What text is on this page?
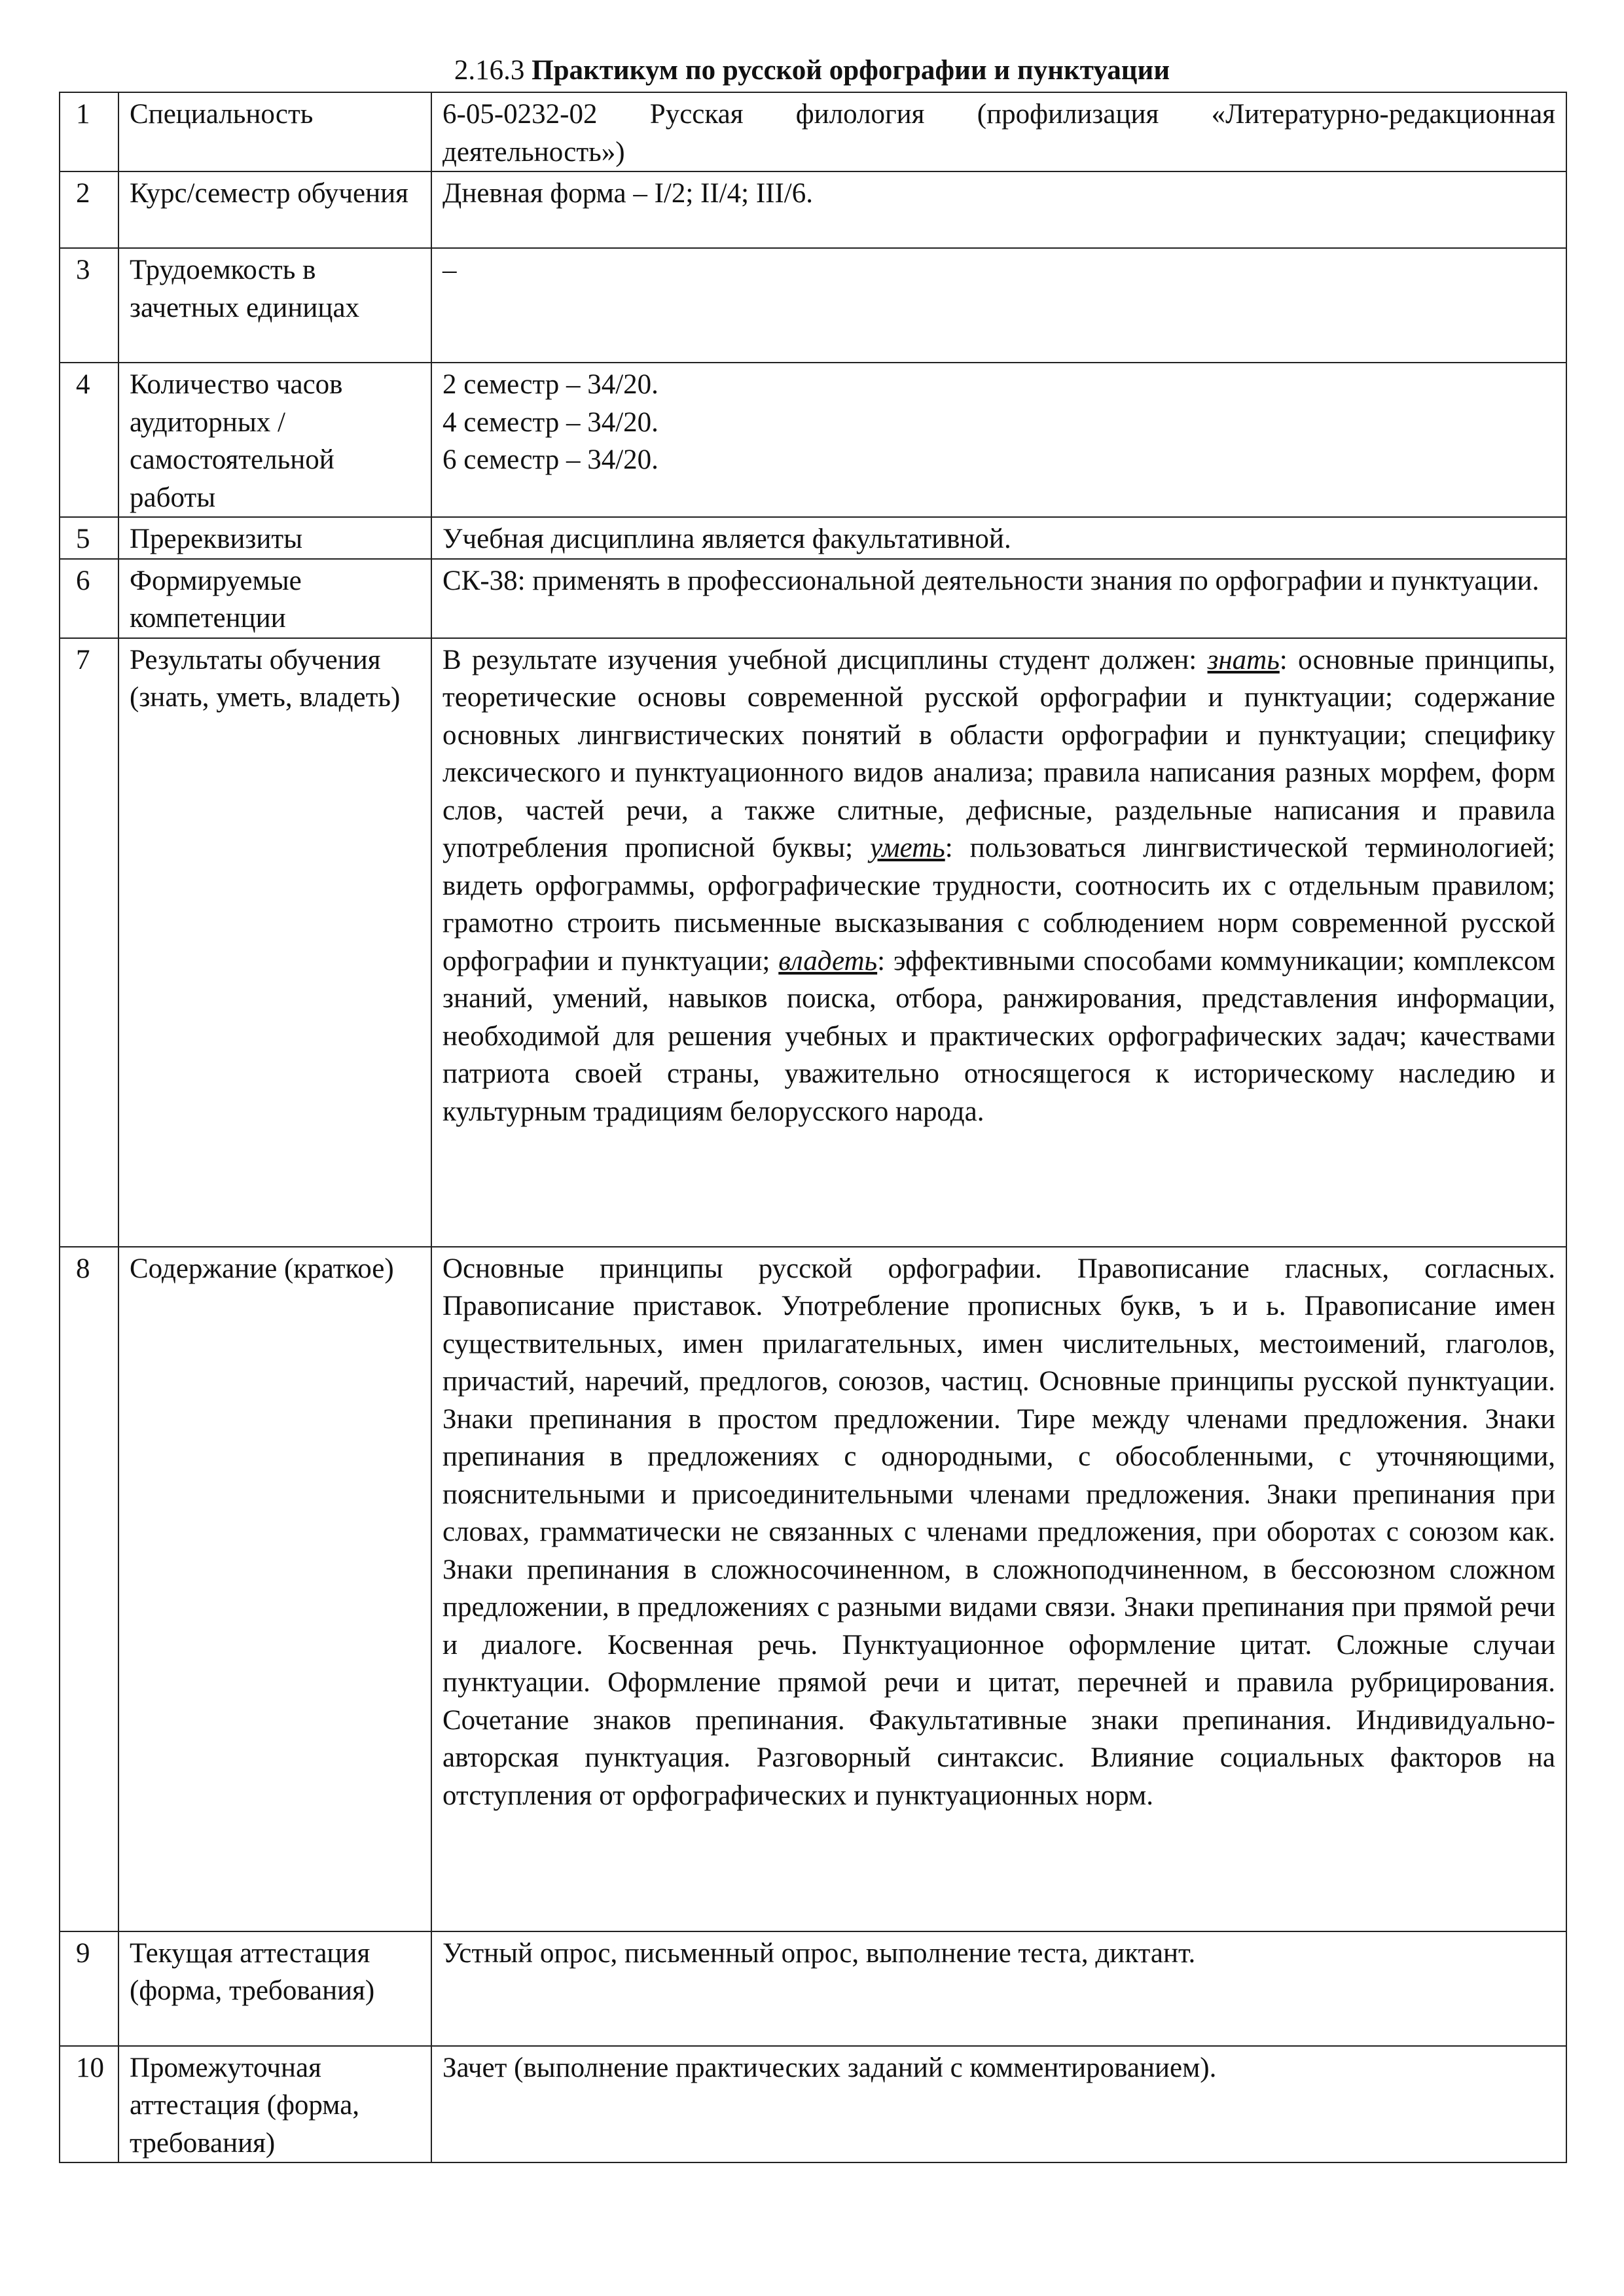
2.16.3 Практикум по русской орфографии и пунктуации
1	Специальность	6-05-0232-02 Русская филология (профилизация «Литературно-редакционная деятельность»)
2	Курс/семестр обучения	Дневная форма – I/2; II/4; III/6.
3	Трудоемкость в зачетных единицах	–
4	Количество часов аудиторных / самостоятельной работы	2 семестр – 34/20.
4 семестр – 34/20.
6 семестр – 34/20.

5	Пререквизиты	Учебная дисциплина является факультативной.
6	Формируемые компетенции	СК-38: применять в профессиональной деятельности знания по орфографии и пунктуации.
7	Результаты обучения (знать, уметь, владеть)	В результате изучения учебной дисциплины студент должен: знать: основные принципы, теоретические основы современной русской орфографии и пунктуации; содержание основных лингвистических понятий в области орфографии и пунктуации; специфику лексического и пунктуационного видов анализа; правила написания разных морфем, форм слов, частей речи, а также слитные, дефисные, раздельные написания и правила употребления прописной буквы; уметь: пользоваться лингвистической терминологией; видеть орфограммы, орфографические трудности, соотносить их с отдельным правилом; грамотно строить письменные высказывания с соблюдением норм современной русской орфографии и пунктуации; владеть: эффективными способами коммуникации; комплексом знаний, умений, навыков поиска, отбора, ранжирования, представления информации, необходимой для решения учебных и практических орфографических задач; качествами патриота своей страны, уважительно относящегося к историческому наследию и культурным традициям белорусского народа.
8	Содержание (краткое)	Основные принципы русской орфографии. Правописание гласных, согласных. Правописание приставок. Употребление прописных букв, ъ и ь. Правописание имен существительных, имен прилагательных, имен числительных, местоимений, глаголов, причастий, наречий, предлогов, союзов, частиц. Основные принципы русской пунктуации. Знаки препинания в простом предложении. Тире между членами предложения. Знаки препинания в предложениях с однородными, с обособленными, с уточняющими, пояснительными и присоединительными членами предложения. Знаки препинания при словах, грамматически не связанных с членами предложения, при оборотах с союзом как. Знаки препинания в сложносочиненном, в сложноподчиненном, в бессоюзном сложном предложении, в предложениях с разными видами связи. Знаки препинания при прямой речи и диалоге. Косвенная речь. Пунктуационное оформление цитат. Сложные случаи пунктуации. Оформление прямой речи и цитат, перечней и правила рубрицирования. Сочетание знаков препинания. Факультативные знаки препинания. Индивидуально-авторская пунктуация. Разговорный синтаксис. Влияние социальных факторов на отступления от орфографических и пунктуационных норм.
9	Текущая аттестация (форма, требования)	Устный опрос, письменный опрос, выполнение теста, диктант.
10	Промежуточная аттестация (форма, требования)	Зачет (выполнение практических заданий с комментированием).
